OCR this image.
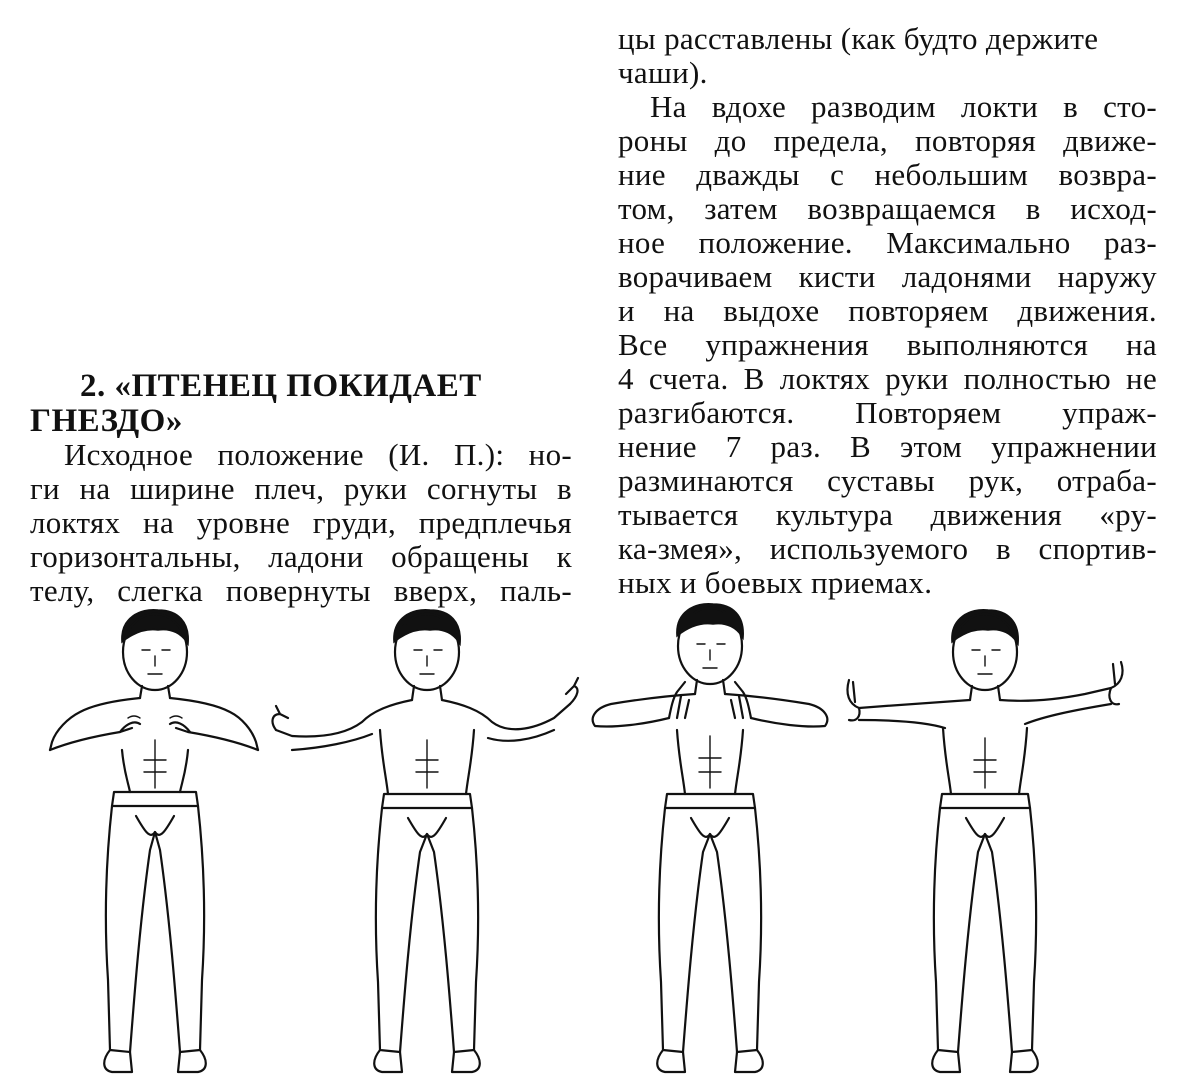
цы расставлены (как будто держите
чаши).
На вдохе разводим локти в сто-
роны до предела, повторяя движе-
ние дважды с небольшим возвра-
том, затем возвращаемся в исход-
ное положение. Максимально раз-
ворачиваем кисти ладонями наружу
и на выдохе повторяем движения.
Все упражнения выполняются на
4 счета. В локтях руки полностью не
разгибаются. Повторяем упраж-
нение 7 раз. В этом упражнении
разминаются суставы рук, отраба-
тывается культура движения «ру-
ка-змея», используемого в спортив-
ных и боевых приемах.
2. «ПТЕНЕЦ ПОКИДАЕТ
ГНЕЗДО»
Исходное положение (И. П.): но-
ги на ширине плеч, руки согнуты в
локтях на уровне груди, предплечья
горизонтальны, ладони обращены к
телу, слегка повернуты вверх, паль-
